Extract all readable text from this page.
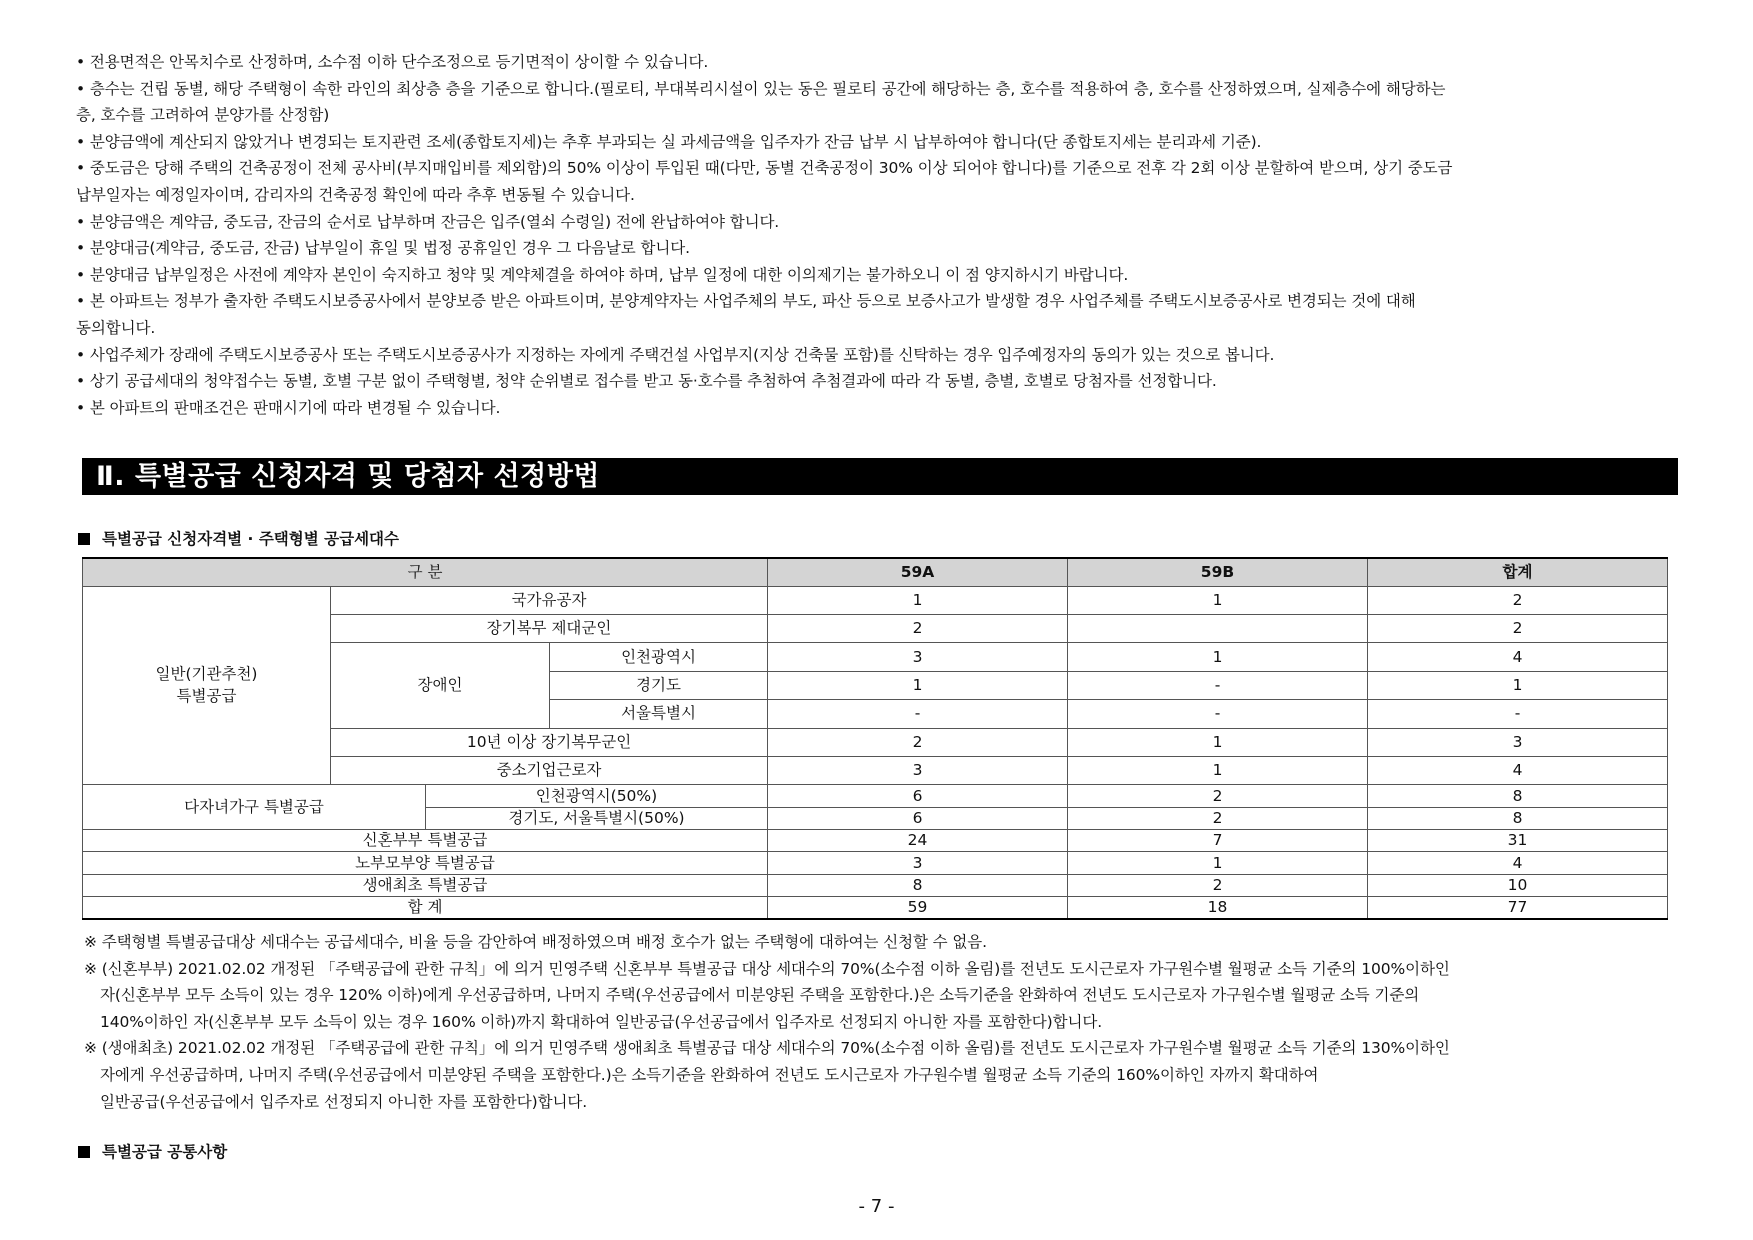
• 전용면적은 안목치수로 산정하며, 소수점 이하 단수조정으로 등기면적이 상이할 수 있습니다.
• 층수는 건립 동별, 해당 주택형이 속한 라인의 최상층 층을 기준으로 합니다.(필로티, 부대복리시설이 있는 동은 필로티 공간에 해당하는 층, 호수를 적용하여 층, 호수를 산정하였으며, 실제층수에 해당하는
층, 호수를 고려하여 분양가를 산정함)
• 분양금액에 계산되지 않았거나 변경되는 토지관련 조세(종합토지세)는 추후 부과되는 실 과세금액을 입주자가 잔금 납부 시 납부하여야 합니다(단 종합토지세는 분리과세 기준).
• 중도금은 당해 주택의 건축공정이 전체 공사비(부지매입비를 제외함)의 50% 이상이 투입된 때(다만, 동별 건축공정이 30% 이상 되어야 합니다)를 기준으로 전후 각 2회 이상 분할하여 받으며, 상기 중도금
납부일자는 예정일자이며, 감리자의 건축공정 확인에 따라 추후 변동될 수 있습니다.
• 분양금액은 계약금, 중도금, 잔금의 순서로 납부하며 잔금은 입주(열쇠 수령일) 전에 완납하여야 합니다.
• 분양대금(계약금, 중도금, 잔금) 납부일이 휴일 및 법정 공휴일인 경우 그 다음날로 합니다.
• 분양대금 납부일정은 사전에 계약자 본인이 숙지하고 청약 및 계약체결을 하여야 하며, 납부 일정에 대한 이의제기는 불가하오니 이 점 양지하시기 바랍니다.
• 본 아파트는 정부가 출자한 주택도시보증공사에서 분양보증 받은 아파트이며, 분양계약자는 사업주체의 부도, 파산 등으로 보증사고가 발생할 경우 사업주체를 주택도시보증공사로 변경되는 것에 대해
동의합니다.
• 사업주체가 장래에 주택도시보증공사 또는 주택도시보증공사가 지정하는 자에게 주택건설 사업부지(지상 건축물 포함)를 신탁하는 경우 입주예정자의 동의가 있는 것으로 봅니다.
• 상기 공급세대의 청약접수는 동별, 호별 구분 없이 주택형별, 청약 순위별로 접수를 받고 동·호수를 추첨하여 추첨결과에 따라 각 동별, 층별, 호별로 당첨자를 선정합니다.
• 본 아파트의 판매조건은 판매시기에 따라 변경될 수 있습니다.
Ⅱ. 특별공급 신청자격 및 당첨자 선정방법
특별공급 신청자격별 · 주택형별 공급세대수
구 분				59A	59B	합계
일반(기관추천)
특별공급	국가유공자			1	1	2
	장기복무 제대군인			2		2
	장애인		인천광역시	3	1	4
			경기도	1	-	1
			서울특별시	-	-	-
	10년 이상 장기복무군인			2	1	3
	중소기업근로자			3	1	4
다자녀가구 특별공급		인천광역시(50%)		6	2	8
		경기도, 서울특별시(50%)		6	2	8
신혼부부 특별공급				24	7	31
노부모부양 특별공급				3	1	4
생애최초 특별공급				8	2	10
합 계				59	18	77
※ 주택형별 특별공급대상 세대수는 공급세대수, 비율 등을 감안하여 배정하였으며 배정 호수가 없는 주택형에 대하여는 신청할 수 없음.
※ (신혼부부) 2021.02.02 개정된 「주택공급에 관한 규칙」에 의거 민영주택 신혼부부 특별공급 대상 세대수의 70%(소수점 이하 올림)를 전년도 도시근로자 가구원수별 월평균 소득 기준의 100%이하인
자(신혼부부 모두 소득이 있는 경우 120% 이하)에게 우선공급하며, 나머지 주택(우선공급에서 미분양된 주택을 포함한다.)은 소득기준을 완화하여 전년도 도시근로자 가구원수별 월평균 소득 기준의
140%이하인 자(신혼부부 모두 소득이 있는 경우 160% 이하)까지 확대하여 일반공급(우선공급에서 입주자로 선정되지 아니한 자를 포함한다)합니다.
※ (생애최초) 2021.02.02 개정된 「주택공급에 관한 규칙」에 의거 민영주택 생애최초 특별공급 대상 세대수의 70%(소수점 이하 올림)를 전년도 도시근로자 가구원수별 월평균 소득 기준의 130%이하인
자에게 우선공급하며, 나머지 주택(우선공급에서 미분양된 주택을 포함한다.)은 소득기준을 완화하여 전년도 도시근로자 가구원수별 월평균 소득 기준의 160%이하인 자까지 확대하여
일반공급(우선공급에서 입주자로 선정되지 아니한 자를 포함한다)합니다.
특별공급 공통사항
- 7 -
